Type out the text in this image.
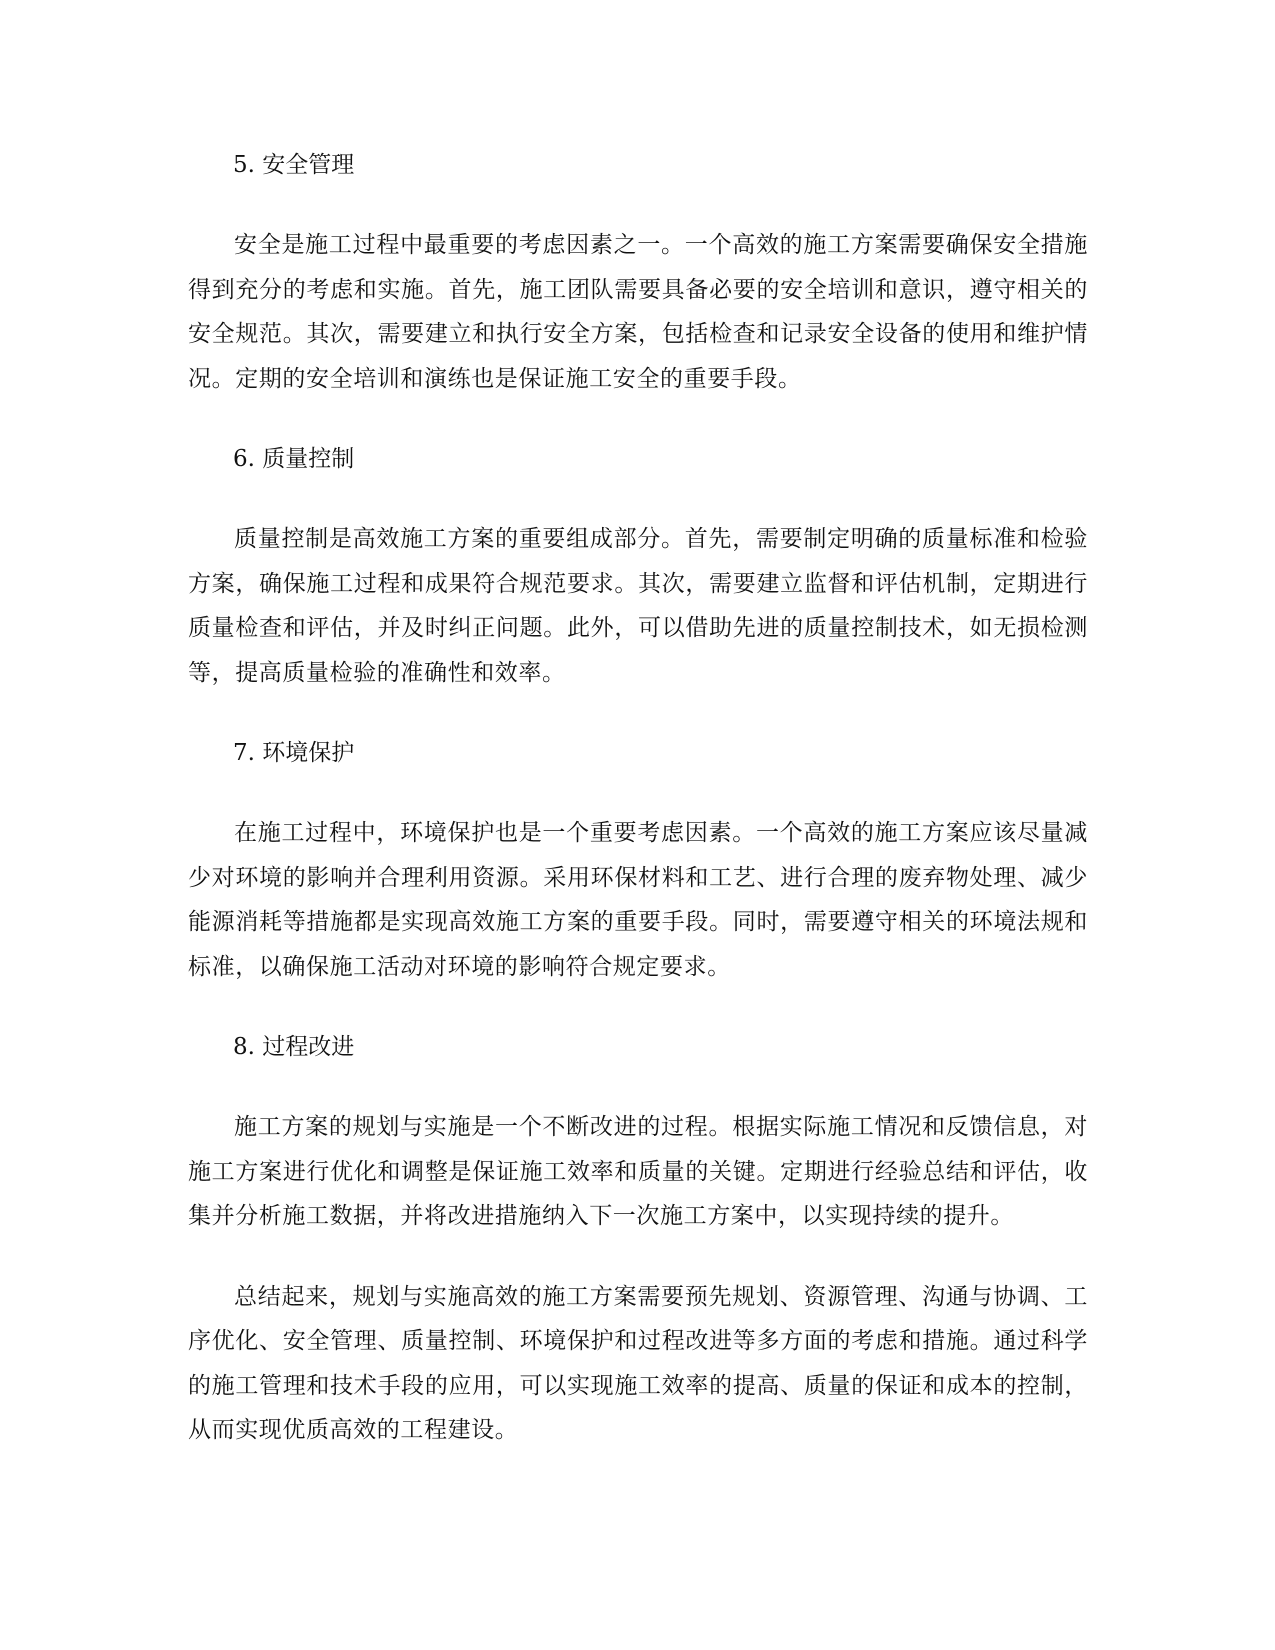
5. 安全管理

安全是施工过程中最重要的考虑因素之一。一个高效的施工方案需要确保安全措施得到充分的考虑和实施。首先，施工团队需要具备必要的安全培训和意识，遵守相关的安全规范。其次，需要建立和执行安全方案，包括检查和记录安全设备的使用和维护情况。定期的安全培训和演练也是保证施工安全的重要手段。

6. 质量控制

质量控制是高效施工方案的重要组成部分。首先，需要制定明确的质量标准和检验方案，确保施工过程和成果符合规范要求。其次，需要建立监督和评估机制，定期进行质量检查和评估，并及时纠正问题。此外，可以借助先进的质量控制技术，如无损检测等，提高质量检验的准确性和效率。

7. 环境保护

在施工过程中，环境保护也是一个重要考虑因素。一个高效的施工方案应该尽量减少对环境的影响并合理利用资源。采用环保材料和工艺、进行合理的废弃物处理、减少能源消耗等措施都是实现高效施工方案的重要手段。同时，需要遵守相关的环境法规和标准，以确保施工活动对环境的影响符合规定要求。

8. 过程改进

施工方案的规划与实施是一个不断改进的过程。根据实际施工情况和反馈信息，对施工方案进行优化和调整是保证施工效率和质量的关键。定期进行经验总结和评估，收集并分析施工数据，并将改进措施纳入下一次施工方案中，以实现持续的提升。

总结起来，规划与实施高效的施工方案需要预先规划、资源管理、沟通与协调、工序优化、安全管理、质量控制、环境保护和过程改进等多方面的考虑和措施。通过科学的施工管理和技术手段的应用，可以实现施工效率的提高、质量的保证和成本的控制，从而实现优质高效的工程建设。
